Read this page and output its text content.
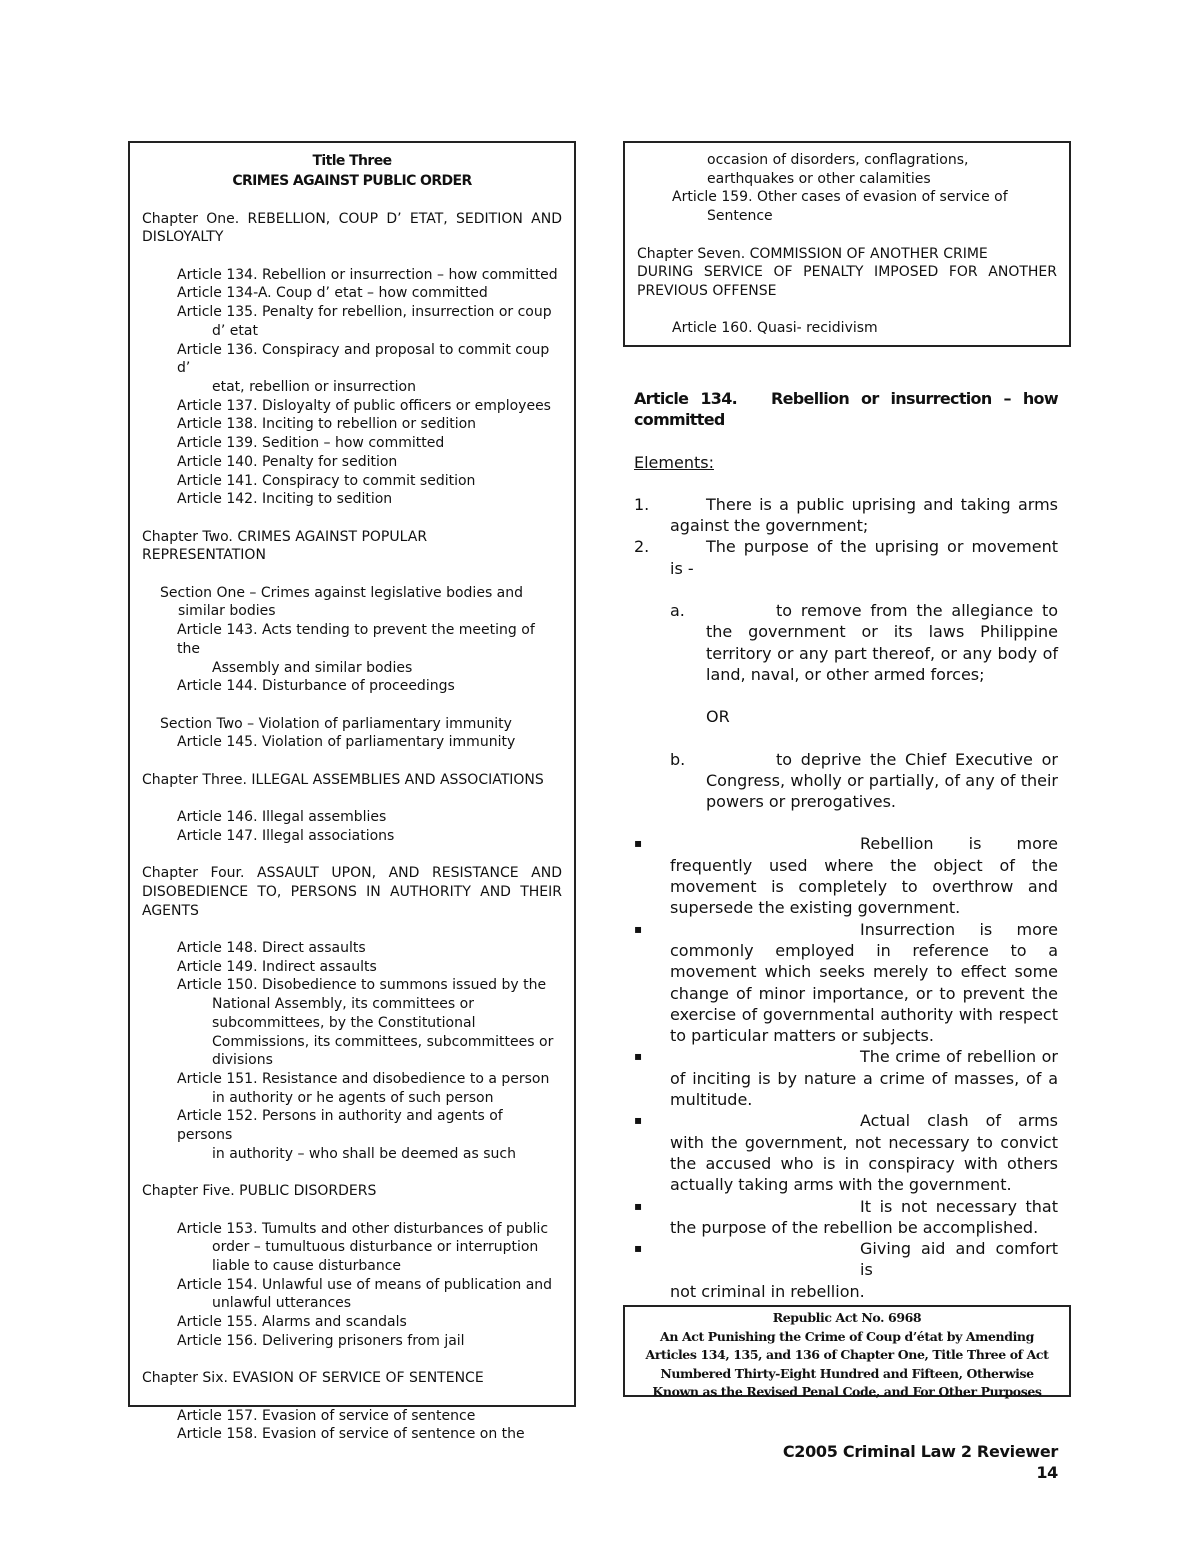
Title Three
CRIMES AGAINST PUBLIC ORDER
Chapter One. REBELLION, COUP D’ ETAT, SEDITION AND DISLOYALTY
Article 134. Rebellion or insurrection – how committed
Article 134-A. Coup d’ etat – how committed
Article 135. Penalty for rebellion, insurrection or coup
d’ etat
Article 136. Conspiracy and proposal to commit coup d’
etat, rebellion or insurrection
Article 137. Disloyalty of public officers or employees
Article 138. Inciting to rebellion or sedition
Article 139. Sedition – how committed
Article 140. Penalty for sedition
Article 141. Conspiracy to commit sedition
Article 142. Inciting to sedition
Chapter Two. CRIMES AGAINST POPULAR
REPRESENTATION
Section One – Crimes against legislative bodies and
similar bodies
Article 143. Acts tending to prevent the meeting of the
Assembly and similar bodies
Article 144. Disturbance of proceedings
Section Two – Violation of parliamentary immunity
Article 145. Violation of parliamentary immunity
Chapter Three. ILLEGAL ASSEMBLIES AND ASSOCIATIONS
Article 146. Illegal assemblies
Article 147. Illegal associations
Chapter Four. ASSAULT UPON, AND RESISTANCE AND DISOBEDIENCE TO, PERSONS IN AUTHORITY AND THEIR AGENTS
Article 148. Direct assaults
Article 149. Indirect assaults
Article 150. Disobedience to summons issued by the
National Assembly, its committees or subcommittees, by the Constitutional Commissions, its committees, subcommittees or divisions
Article 151. Resistance and disobedience to a person
in authority or he agents of such person
Article 152. Persons in authority and agents of persons
in authority – who shall be deemed as such
Chapter Five. PUBLIC DISORDERS
Article 153. Tumults and other disturbances of public
order – tumultuous disturbance or interruption liable to cause disturbance
Article 154. Unlawful use of means of publication and
unlawful utterances
Article 155. Alarms and scandals
Article 156. Delivering prisoners from jail
Chapter Six. EVASION OF SERVICE OF SENTENCE
Article 157. Evasion of service of sentence
Article 158. Evasion of service of sentence on the
occasion of disorders, conflagrations, earthquakes or other calamities
Article 159. Other cases of evasion of service of
Sentence
Chapter Seven. COMMISSION OF ANOTHER CRIME
DURING SERVICE OF PENALTY IMPOSED FOR ANOTHER PREVIOUS OFFENSE
Article 160. Quasi- recidivism
Article 134. Rebellion or insurrection – how
committed
Elements:
1.	There is a public uprising and taking arms against the government;
2.	The purpose of the uprising or movement is -
a.	to remove from the allegiance to the government or its laws Philippine territory or any part thereof, or any body of land, naval, or other armed forces;
OR
b.	to deprive the Chief Executive or Congress, wholly or partially, of any of their powers or prerogatives.
▪	Rebellion is more
frequently used where the object of the movement is completely to overthrow and supersede the existing government.
▪	Insurrection is more
commonly employed in reference to a movement which seeks merely to effect some change of minor importance, or to prevent the exercise of governmental authority with respect to particular matters or subjects.
▪	The crime of rebellion or
of inciting is by nature a crime of masses, of a multitude.
▪	Actual clash of arms
with the government, not necessary to convict the accused who is in conspiracy with others actually taking arms with the government.
▪	It is not necessary that
the purpose of the rebellion be accomplished.
▪	Giving aid and comfort is
not criminal in rebellion.
Republic Act No. 6968
An Act Punishing the Crime of Coup d’état by Amending
Articles 134, 135, and 136 of Chapter One, Title Three of Act
Numbered Thirty-Eight Hundred and Fifteen, Otherwise
Known as the Revised Penal Code, and For Other Purposes
C2005 Criminal Law 2 Reviewer
14
